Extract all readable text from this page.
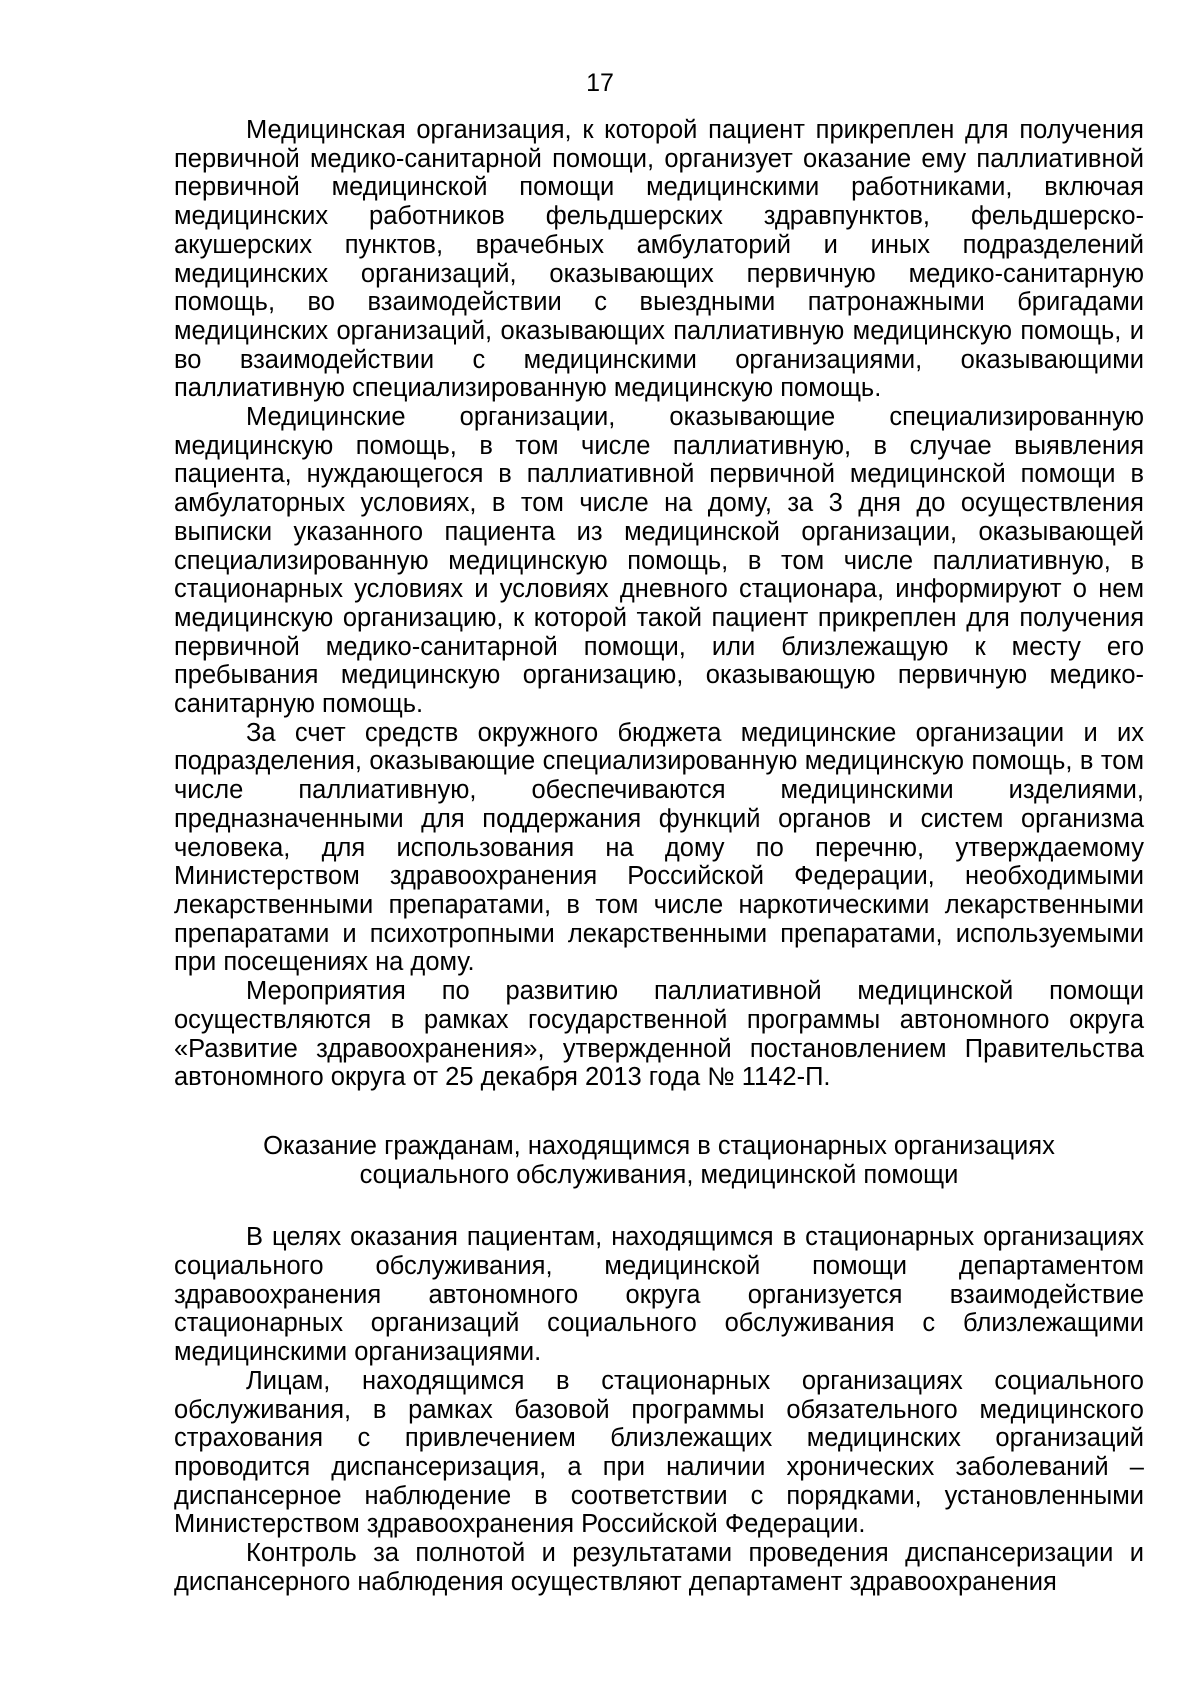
17

Медицинская организация, к которой пациент прикреплен для получения первичной медико-санитарной помощи, организует оказание ему паллиативной первичной медицинской помощи медицинскими работниками, включая медицинских работников фельдшерских здравпунктов, фельдшерско-акушерских пунктов, врачебных амбулаторий и иных подразделений медицинских организаций, оказывающих первичную медико-санитарную помощь, во взаимодействии с выездными патронажными бригадами медицинских организаций, оказывающих паллиативную медицинскую помощь, и во взаимодействии с медицинскими организациями, оказывающими паллиативную специализированную медицинскую помощь.

Медицинские организации, оказывающие специализированную медицинскую помощь, в том числе паллиативную, в случае выявления пациента, нуждающегося в паллиативной первичной медицинской помощи в амбулаторных условиях, в том числе на дому, за 3 дня до осуществления выписки указанного пациента из медицинской организации, оказывающей специализированную медицинскую помощь, в том числе паллиативную, в стационарных условиях и условиях дневного стационара, информируют о нем медицинскую организацию, к которой такой пациент прикреплен для получения первичной медико-санитарной помощи, или близлежащую к месту его пребывания медицинскую организацию, оказывающую первичную медико-санитарную помощь.

За счет средств окружного бюджета медицинские организации и их подразделения, оказывающие специализированную медицинскую помощь, в том числе паллиативную, обеспечиваются медицинскими изделиями, предназначенными для поддержания функций органов и систем организма человека, для использования на дому по перечню, утверждаемому Министерством здравоохранения Российской Федерации, необходимыми лекарственными препаратами, в том числе наркотическими лекарственными препаратами и психотропными лекарственными препаратами, используемыми при посещениях на дому.

Мероприятия по развитию паллиативной медицинской помощи осуществляются в рамках государственной программы автономного округа «Развитие здравоохранения», утвержденной постановлением Правительства автономного округа от 25 декабря 2013 года № 1142-П.

Оказание гражданам, находящимся в стационарных организациях
социального обслуживания, медицинской помощи

В целях оказания пациентам, находящимся в стационарных организациях социального обслуживания, медицинской помощи департаментом здравоохранения автономного округа организуется взаимодействие стационарных организаций социального обслуживания с близлежащими медицинскими организациями.

Лицам, находящимся в стационарных организациях социального обслуживания, в рамках базовой программы обязательного медицинского страхования с привлечением близлежащих медицинских организаций проводится диспансеризация, а при наличии хронических заболеваний – диспансерное наблюдение в соответствии с порядками, установленными Министерством здравоохранения Российской Федерации.

Контроль за полнотой и результатами проведения диспансеризации и диспансерного наблюдения осуществляют департамент здравоохранения
